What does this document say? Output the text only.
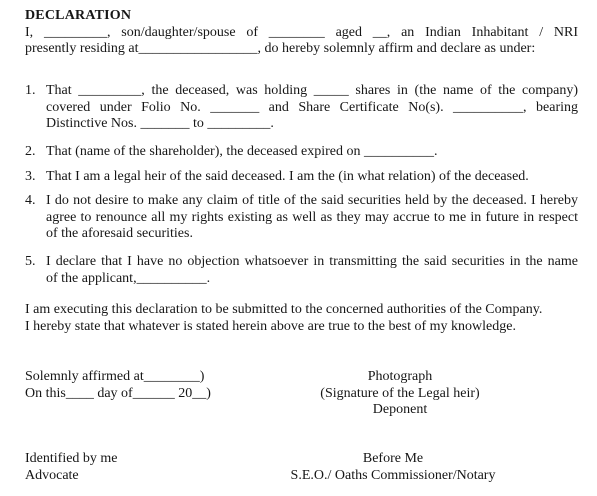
DECLARATION
I, _________, son/daughter/spouse of ________ aged __, an Indian Inhabitant / NRI
presently residing at_________________, do hereby solemnly affirm and declare as under:
1. That _________, the deceased, was holding _____ shares in (the name of the company)
covered under Folio No. _______ and Share Certificate No(s). __________, bearing
Distinctive Nos. _______ to _________.
2. That (name of the shareholder), the deceased expired on __________.
3. That I am a legal heir of the said deceased. I am the (in what relation) of the deceased.
4. I do not desire to make any claim of title of the said securities held by the deceased. I hereby
agree to renounce all my rights existing as well as they may accrue to me in future in respect
of the aforesaid securities.
5. I declare that I have no objection whatsoever in transmitting the said securities in the name
of the applicant,__________.
I am executing this declaration to be submitted to the concerned authorities of the Company.
I hereby state that whatever is stated herein above are true to the best of my knowledge.
Solemnly affirmed at________)
On this____ day of______ 20__)
Photograph
(Signature of the Legal heir)
Deponent
Identified by me
Advocate
Before Me
S.E.O./ Oaths Commissioner/Notary
